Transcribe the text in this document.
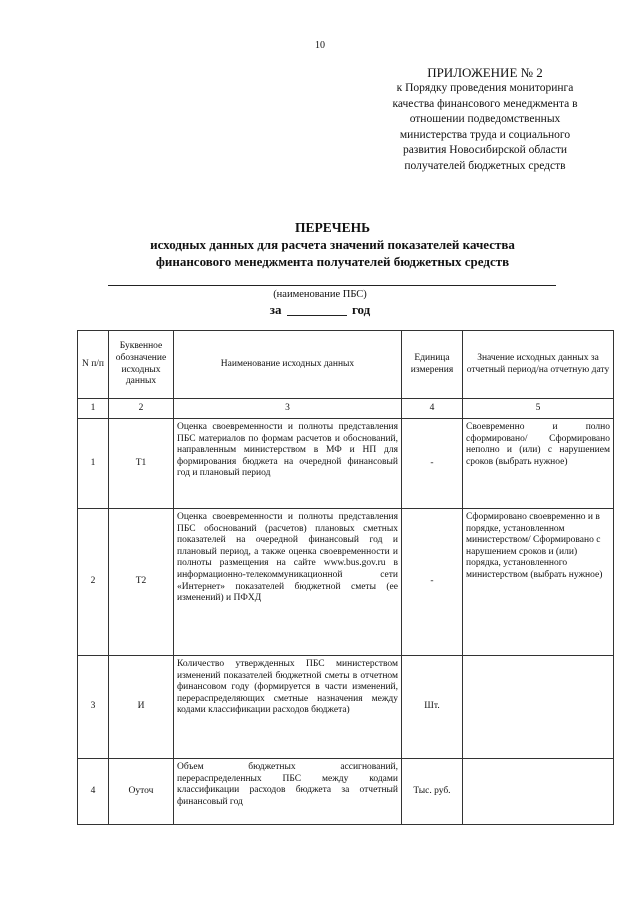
10
ПРИЛОЖЕНИЕ № 2
к Порядку проведения мониторинга
качества финансового менеджмента в
отношении подведомственных
министерства труда и социального
развития Новосибирской области
получателей бюджетных средств
ПЕРЕЧЕНЬ
исходных данных для расчета значений показателей качества
финансового менеджмента получателей бюджетных средств
(наименование ПБС)
за	год
N п/п	Буквенное обозначение исходных данных	Наименование исходных данных	Единица измерения	Значение исходных данных за отчетный период/на отчетную дату
1	2	3	4	5
1	Т1	Оценка своевременности и полноты представления ПБС материалов по формам расчетов и обоснований, направленным министерством в МФ и НП для формирования бюджета на очередной финансовый год и плановый период	-	Своевременно и полно сформировано/ Сформировано неполно и (или) с нарушением сроков (выбрать нужное)
2	Т2	Оценка своевременности и полноты представления ПБС обоснований (расчетов) плановых сметных показателей на очередной финансовый год и плановый период, а также оценка своевременности и полноты размещения на сайте www.bus.gov.ru в информационно-телекоммуникационной сети «Интернет» показателей бюджетной сметы (ее изменений) и ПФХД	-	Сформировано своевременно и в порядке, установленном министерством/ Сформировано с нарушением сроков и (или) порядка, установленного министерством (выбрать нужное)
3	И	Количество утвержденных ПБС министерством изменений показателей бюджетной сметы в отчетном финансовом году (формируется в части изменений, перераспределяющих сметные назначения между кодами классификации расходов бюджета)	Шт.	
4	Оуточ	Объем бюджетных ассигнований, перераспределенных ПБС между кодами классификации расходов бюджета за отчетный финансовый год	Тыс. руб.	
